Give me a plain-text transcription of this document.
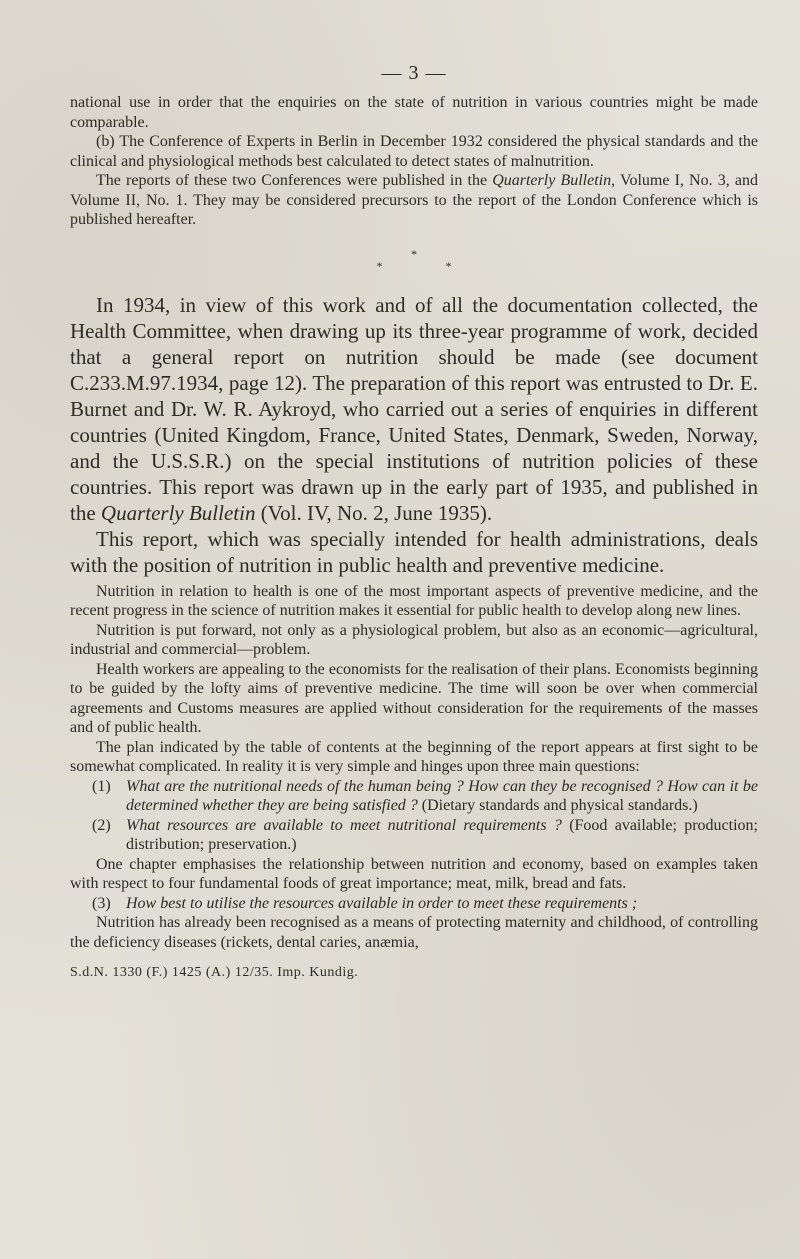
— 3 —

national use in order that the enquiries on the state of nutrition in various countries might be made comparable.

(b) The Conference of Experts in Berlin in December 1932 considered the physical standards and the clinical and physiological methods best calculated to detect states of malnutrition.

The reports of these two Conferences were published in the Quarterly Bulletin, Volume I, No. 3, and Volume II, No. 1. They may be considered precursors to the report of the London Conference which is published hereafter.

*

* *

In 1934, in view of this work and of all the documentation collected, the Health Committee, when drawing up its three-year programme of work, decided that a general report on nutrition should be made (see document C.233.M.97.1934, page 12). The preparation of this report was entrusted to Dr. E. Burnet and Dr. W. R. Aykroyd, who carried out a series of enquiries in different countries (United Kingdom, France, United States, Denmark, Sweden, Norway, and the U.S.S.R.) on the special institutions of nutrition policies of these countries. This report was drawn up in the early part of 1935, and published in the Quarterly Bulletin (Vol. IV, No. 2, June 1935).

This report, which was specially intended for health administrations, deals with the position of nutrition in public health and preventive medicine.

Nutrition in relation to health is one of the most important aspects of preventive medicine, and the recent progress in the science of nutrition makes it essential for public health to develop along new lines.

Nutrition is put forward, not only as a physiological problem, but also as an economic—agricultural, industrial and commercial—problem.

Health workers are appealing to the economists for the realisation of their plans. Economists beginning to be guided by the lofty aims of preventive medicine. The time will soon be over when commercial agreements and Customs measures are applied without consideration for the requirements of the masses and of public health.

The plan indicated by the table of contents at the beginning of the report appears at first sight to be somewhat complicated. In reality it is very simple and hinges upon three main questions:

(1) What are the nutritional needs of the human being ? How can they be recognised ? How can it be determined whether they are being satisfied ? (Dietary standards and physical standards.)

(2) What resources are available to meet nutritional requirements ? (Food available; production; distribution; preservation.)

One chapter emphasises the relationship between nutrition and economy, based on examples taken with respect to four fundamental foods of great importance; meat, milk, bread and fats.

(3) How best to utilise the resources available in order to meet these requirements ;

Nutrition has already been recognised as a means of protecting maternity and childhood, of controlling the deficiency diseases (rickets, dental caries, anæmia,

S.d.N. 1330 (F.) 1425 (A.) 12/35. Imp. Kundig.
